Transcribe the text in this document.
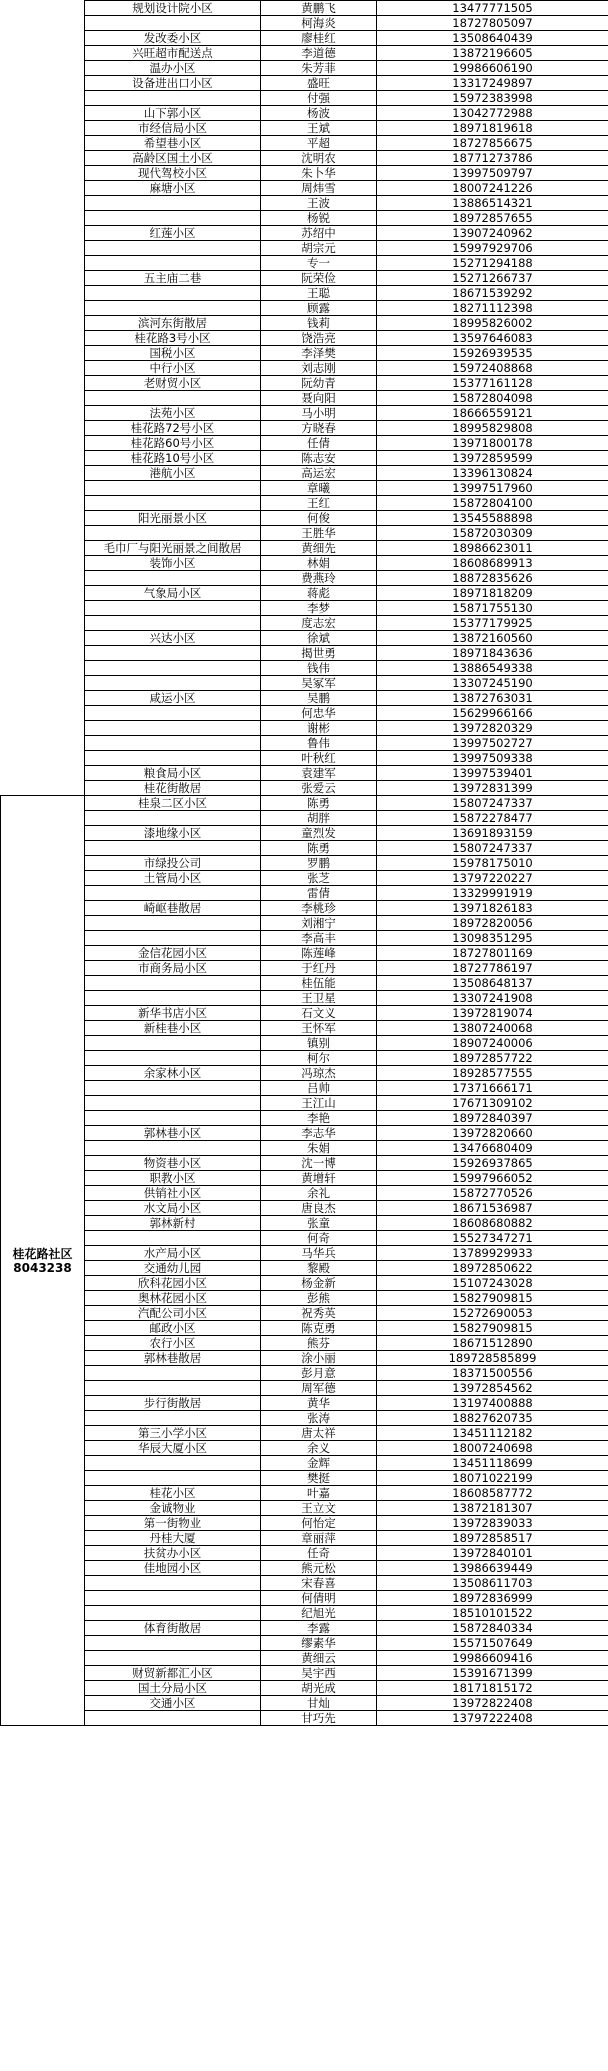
	规划设计院小区	黄鹏飞	13477771505
		柯海炎	18727805097
	发改委小区	廖桂红	13508640439
	兴旺超市配送点	李道德	13872196605
	温办小区	朱芳菲	19986606190
	设备进出口小区	盛旺	13317249897
		付强	15972383998
	山下郭小区	杨波	13042772988
	市经信局小区	王斌	18971819618
	希望巷小区	平超	18727856675
	高龄区国土小区	沈明农	18771273786
	现代驾校小区	朱卜华	13997509797
	麻塘小区	周炜雪	18007241226
		王波	13886514321
		杨锐	18972857655
	红莲小区	苏绍中	13907240962
		胡宗元	15997929706
		专一	15271294188
	五主庙二巷	阮荣俭	15271266737
		王聪	18671539292
		顾露	18271112398
	滨河东街散居	钱莉	18995826002
	桂花路3号小区	饶浩亮	13597646083
	国税小区	李泽樊	15926939535
	中行小区	刘志刚	15972408868
	老财贸小区	阮幼青	15377161128
		聂向阳	15872804098
	法苑小区	马小明	18666559121
	桂花路72号小区	方晓春	18995829808
	桂花路60号小区	任倩	13971800178
	桂花路10号小区	陈志安	13972859599
	港航小区	高运宏	13396130824
		章曦	13997517960
		王红	15872804100
	阳光丽景小区	何俊	13545588898
		王胜华	15872030309
	毛巾厂与阳光丽景之间散居	黄细先	18986623011
	装饰小区	林娟	18608689913
		费燕玲	18872835626
	气象局小区	蒋彪	18971818209
		李梦	15871755130
		度志宏	15377179925
	兴达小区	徐斌	13872160560
		揭世勇	18971843636
		钱伟	13886549338
		吴冢军	13307245190
	咸运小区	吴鹏	13872763031
		何忠华	15629966166
		谢彬	13972820329
		鲁伟	13997502727
		叶秋红	13997509338
	粮食局小区	袁建军	13997539401
	桂花街散居	张爱云	13972831399

桂花路社区
8043238	桂泉二区小区	陈勇	15807247337
		胡胖	15872278477
	漆地缘小区	童烈发	13691893159
		陈勇	15807247337
	市绿投公司	罗鹏	15978175010
	土管局小区	张芝	13797220227
		雷倩	13329991919
	崎岖巷散居	李桃珍	13971826183
		刘湘宁	18972820056
		李高丰	13098351295
	金信花园小区	陈莲峰	18727801169
	市商务局小区	于红丹	18727786197
		桂伍能	13508648137
		王卫星	13307241908
	新华书店小区	石文义	13972819074
	新桂巷小区	王怀军	13807240068
		镇别	18907240006
		柯尔	18972857722
	余家林小区	冯琼杰	18928577555
		吕帅	17371666171
		王江山	17671309102
		李艳	18972840397
	郭林巷小区	李志华	13972820660
		朱娟	13476680409
	物资巷小区	沈一博	15926937865
	职教小区	黄增轩	15997966052
	供销社小区	余礼	15872770526
	水文局小区	唐良杰	18671536987
	郭林新村	张童	18608680882
		何奇	15527347271
	水产局小区	马华兵	13789929933
	交通幼儿园	黎殿	18972850622
	欣科花园小区	杨金新	15107243028
	奥林花园小区	彭熊	15827909815
	汽配公司小区	祝秀英	15272690053
	邮政小区	陈克勇	15827909815
	农行小区	熊芬	18671512890
	郭林巷散居	涂小丽	189728585899
		彭月意	18371500556
		周军德	13972854562
	步行街散居	黄华	13197400888
		张涛	18827620735
	第三小学小区	唐太祥	13451112182
	华辰大厦小区	余义	18007240698
		金辉	13451118699
		樊挺	18071022199
	桂花小区	叶嘉	18608587772
	金诚物业	王立文	13872181307
	第一街物业	何怡定	13972839033
	丹桂大厦	章丽萍	18972858517
	扶贫办小区	任奇	13972840101
	佳地园小区	熊元松	13986639449
		宋春喜	13508611703
		何倩明	18972836999
		纪旭光	18510101522
	体育街散居	李露	15872840334
		缪素华	15571507649
		黄细云	19986609416
	财贸新都汇小区	吴宇西	15391671399
	国土分局小区	胡光成	18171815172
	交通小区	甘灿	13972822408
		甘巧先	13797222408
